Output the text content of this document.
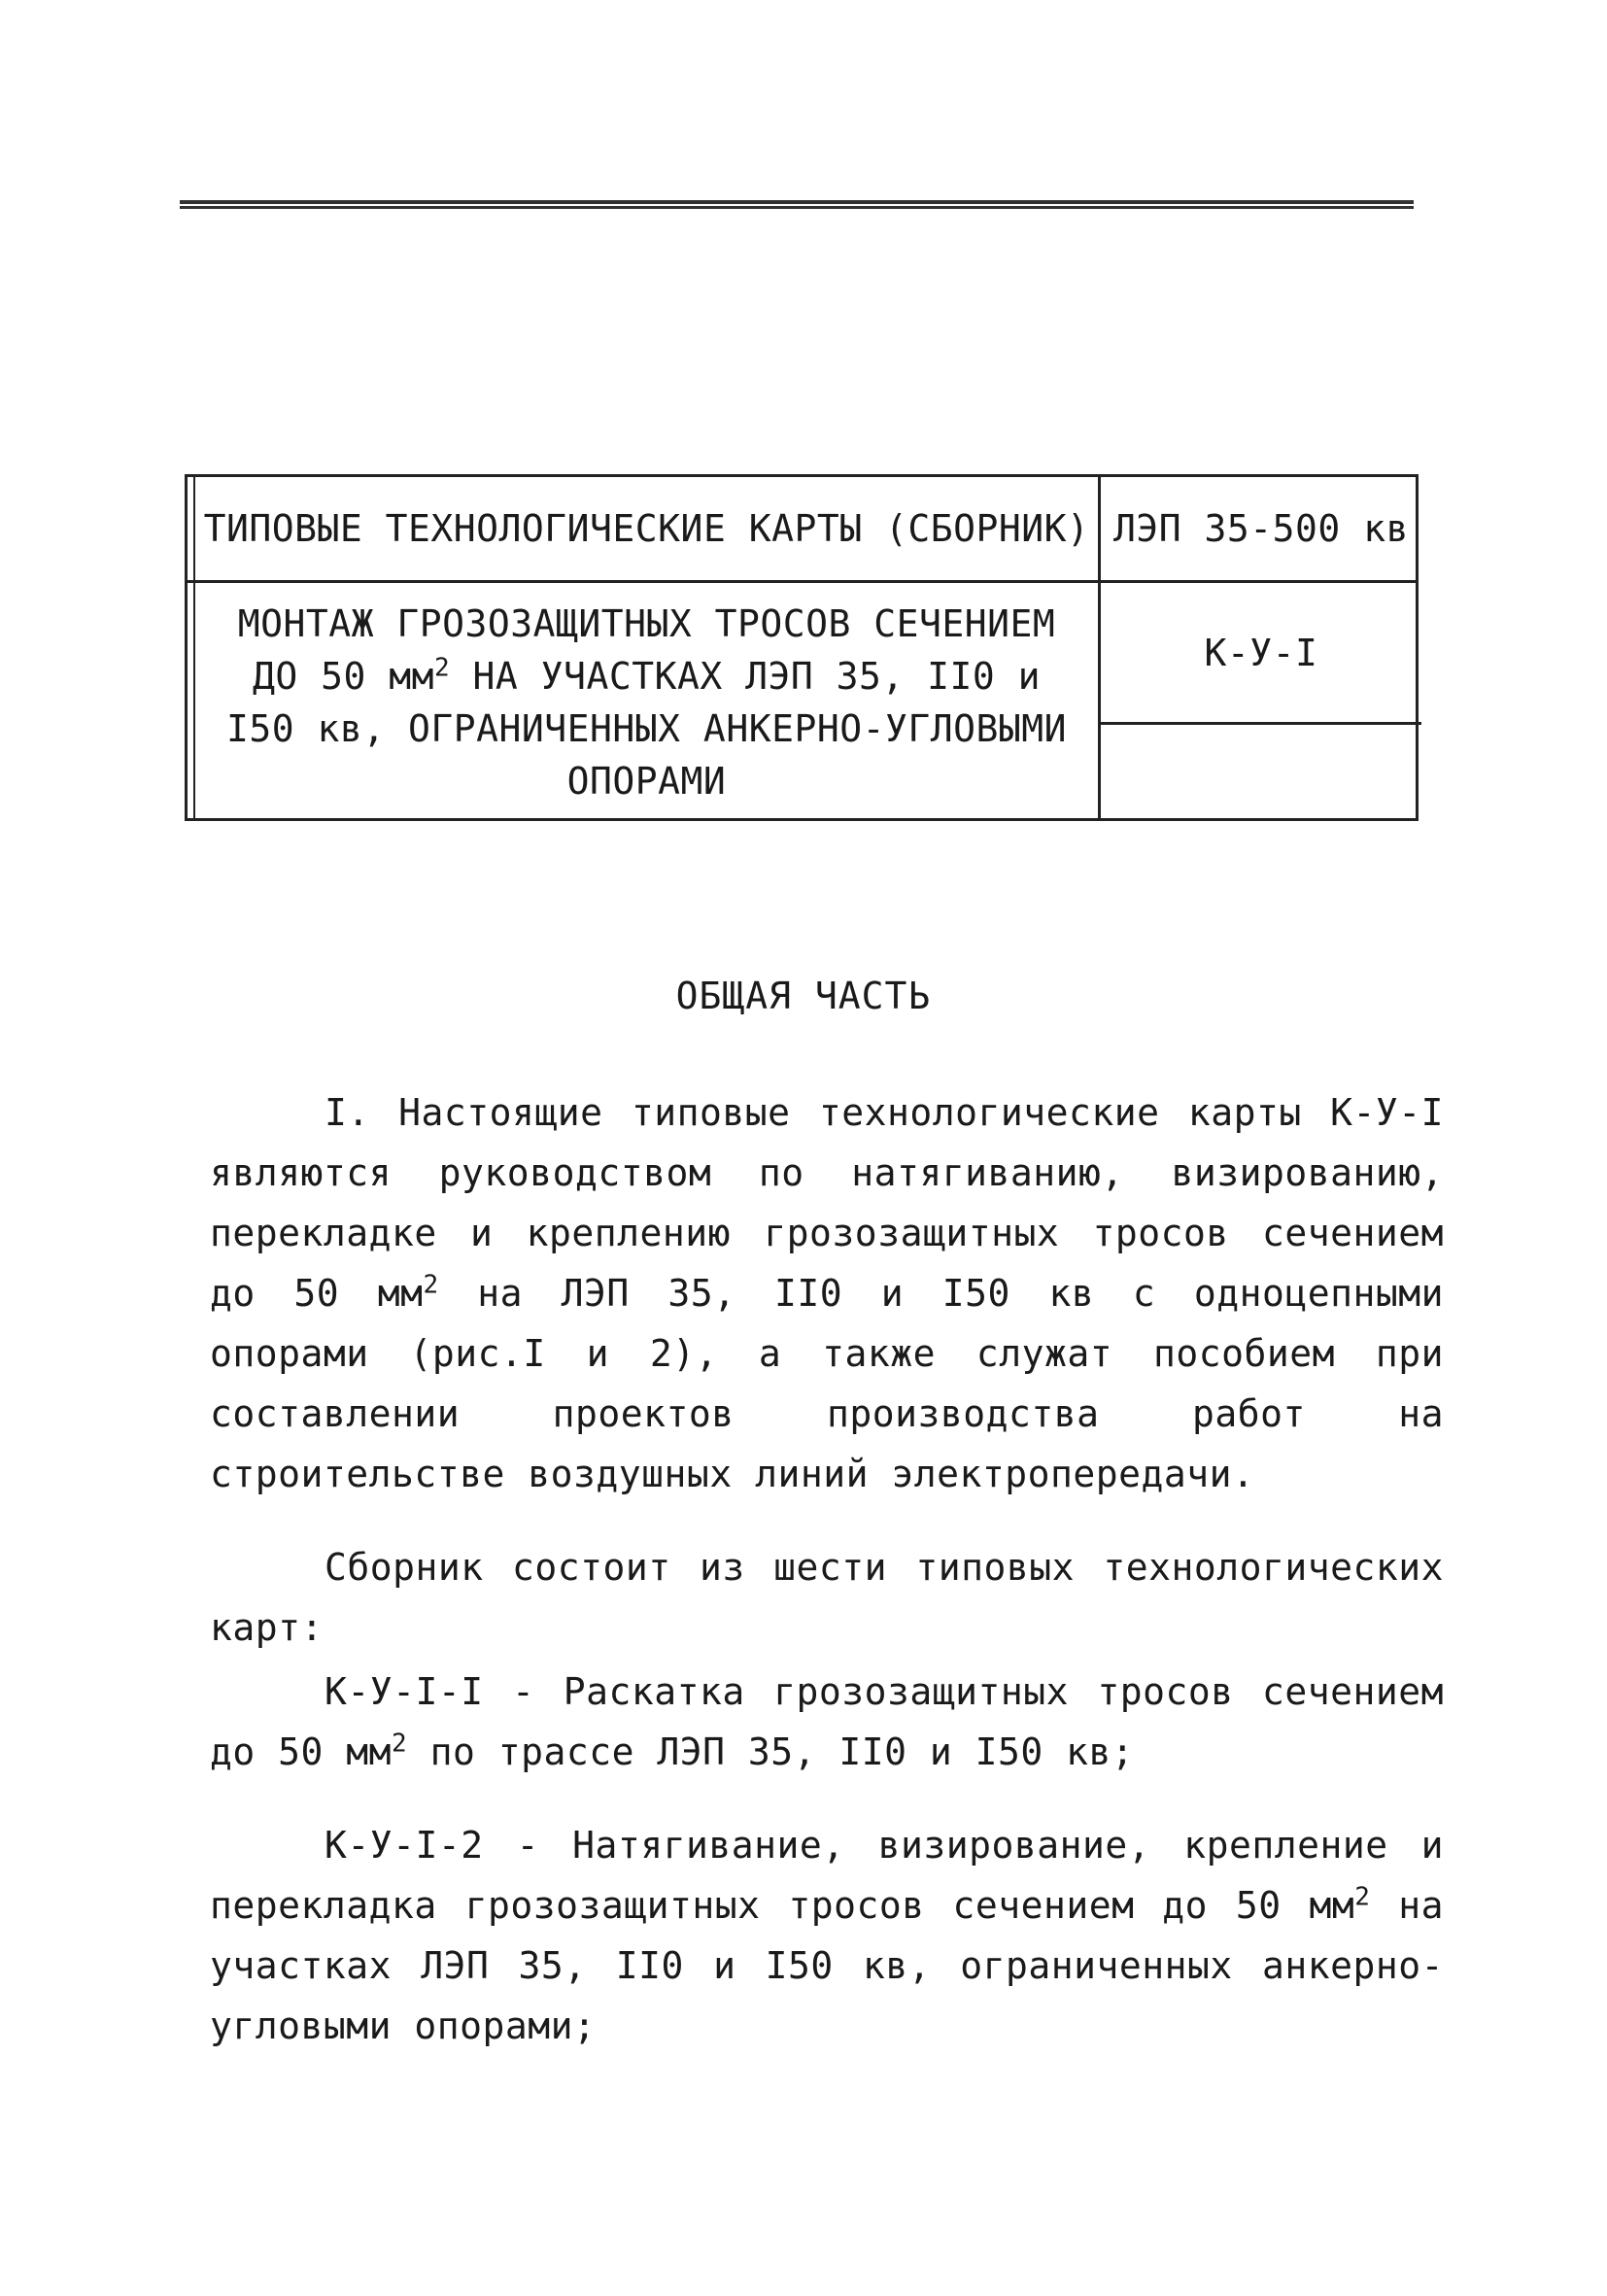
ТИПОВЫЕ ТЕХНОЛОГИЧЕСКИЕ КАРТЫ (СБОРНИК) ЛЭП 35-500 кв
МОНТАЖ ГРОЗОЗАЩИТНЫХ ТРОСОВ СЕЧЕНИЕМ
ДО 50 $мм^2$ НА УЧАСТКАХ ЛЭП 35, II0 и
I50 кв, ОГРАНИЧЕННЫХ АНКЕРНО-УГЛОВЫМИ
ОПОРАМИ
К-У-I
ОБЩАЯ ЧАСТЬ

I. Настоящие типовые технологические карты К-У-I являются руководством по натягиванию, визированию, перекладке и креплению грозозащитных тросов сечением до 50 $мм^2$ на ЛЭП 35, II0 и I50 кв с одноцепными опорами (рис.I и 2), а также служат пособием при составлении проектов производства работ на строительстве воздушных линий электропередачи.

Сборник состоит из шести типовых технологических карт:

К-У-I-I - Раскатка грозозащитных тросов сечением до 50 $мм^2$ по трассе ЛЭП 35, II0 и I50 кв;

К-У-I-2 - Натягивание, визирование, крепление и перекладка грозозащитных тросов сечением до 50 $мм^2$ на участках ЛЭП 35, II0 и I50 кв, ограниченных анкерно-угловыми опорами;
